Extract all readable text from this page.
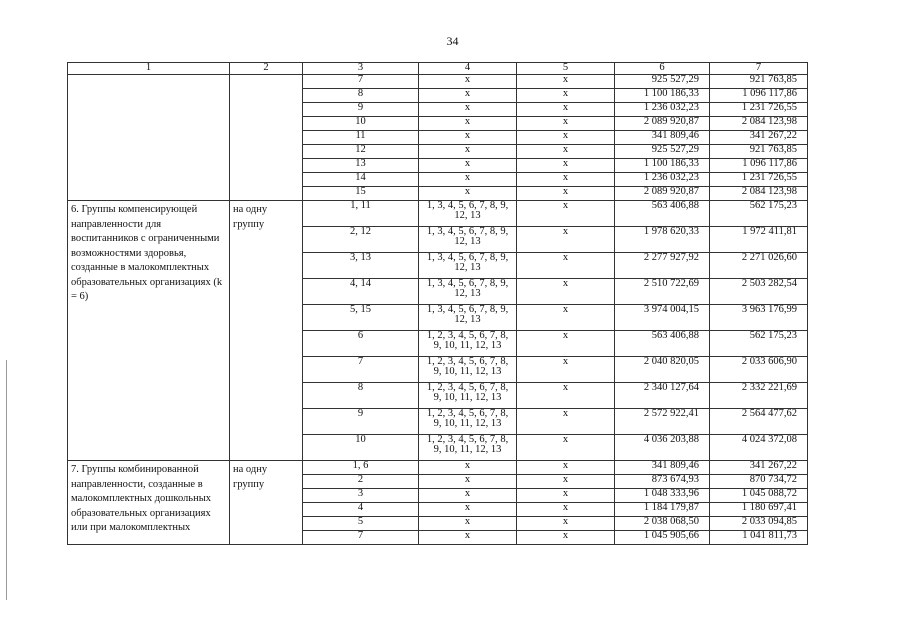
34
1	2	3	4	5	6	7
		7	x	x	925 527,29	921 763,85
		8	x	x	1 100 186,33	1 096 117,86
		9	x	x	1 236 032,23	1 231 726,55
		10	x	x	2 089 920,87	2 084 123,98
		11	x	x	341 809,46	341 267,22
		12	x	x	925 527,29	921 763,85
		13	x	x	1 100 186,33	1 096 117,86
		14	x	x	1 236 032,23	1 231 726,55
		15	x	x	2 089 920,87	2 084 123,98
6. Группы компенсирующей направленности для воспитанников с ограниченными возможностями здоровья, созданные в малокомплектных образовательных организациях (k = 6)	на одну группу	1, 11	1, 3, 4, 5, 6, 7, 8, 9, 12, 13	x	563 406,88	562 175,23
		2, 12	1, 3, 4, 5, 6, 7, 8, 9, 12, 13	x	1 978 620,33	1 972 411,81
		3, 13	1, 3, 4, 5, 6, 7, 8, 9, 12, 13	x	2 277 927,92	2 271 026,60
		4, 14	1, 3, 4, 5, 6, 7, 8, 9, 12, 13	x	2 510 722,69	2 503 282,54
		5, 15	1, 3, 4, 5, 6, 7, 8, 9, 12, 13	x	3 974 004,15	3 963 176,99
		6	1, 2, 3, 4, 5, 6, 7, 8, 9, 10, 11, 12, 13	x	563 406,88	562 175,23
		7	1, 2, 3, 4, 5, 6, 7, 8, 9, 10, 11, 12, 13	x	2 040 820,05	2 033 606,90
		8	1, 2, 3, 4, 5, 6, 7, 8, 9, 10, 11, 12, 13	x	2 340 127,64	2 332 221,69
		9	1, 2, 3, 4, 5, 6, 7, 8, 9, 10, 11, 12, 13	x	2 572 922,41	2 564 477,62
		10	1, 2, 3, 4, 5, 6, 7, 8, 9, 10, 11, 12, 13	x	4 036 203,88	4 024 372,08
7. Группы комбинированной направленности, созданные в малокомплектных дошкольных образовательных организациях или при малокомплектных	на одну группу	1, 6	x	x	341 809,46	341 267,22
		2	x	x	873 674,93	870 734,72
		3	x	x	1 048 333,96	1 045 088,72
		4	x	x	1 184 179,87	1 180 697,41
		5	x	x	2 038 068,50	2 033 094,85
		7	x	x	1 045 905,66	1 041 811,73
